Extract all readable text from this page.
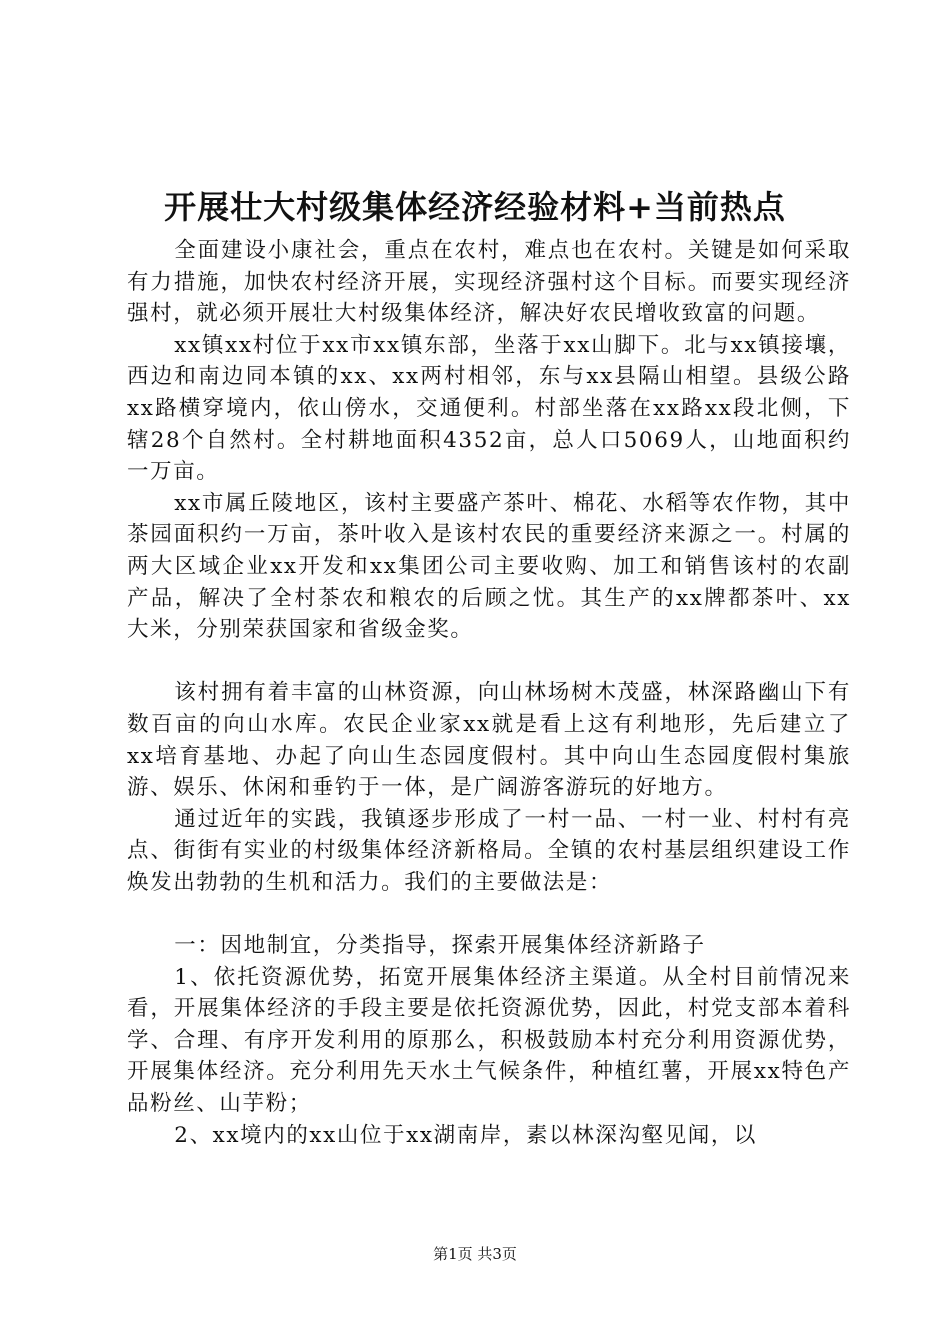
开展壮大村级集体经济经验材料+当前热点

全面建设小康社会，重点在农村，难点也在农村。关键是如何采取有力措施，加快农村经济开展，实现经济强村这个目标。而要实现经济强村，就必须开展壮大村级集体经济，解决好农民增收致富的问题。

xx镇xx村位于xx市xx镇东部，坐落于xx山脚下。北与xx镇接壤，西边和南边同本镇的xx、xx两村相邻，东与xx县隔山相望。县级公路xx路横穿境内，依山傍水，交通便利。村部坐落在xx路xx段北侧，下辖28个自然村。全村耕地面积4352亩，总人口5069人，山地面积约一万亩。

xx市属丘陵地区，该村主要盛产茶叶、棉花、水稻等农作物，其中茶园面积约一万亩，茶叶收入是该村农民的重要经济来源之一。村属的两大区域企业xx开发和xx集团公司主要收购、加工和销售该村的农副产品，解决了全村茶农和粮农的后顾之忧。其生产的xx牌都茶叶、xx大米，分别荣获国家和省级金奖。

该村拥有着丰富的山林资源，向山林场树木茂盛，林深路幽山下有数百亩的向山水库。农民企业家xx就是看上这有利地形，先后建立了xx培育基地、办起了向山生态园度假村。其中向山生态园度假村集旅游、娱乐、休闲和垂钓于一体，是广阔游客游玩的好地方。

通过近年的实践，我镇逐步形成了一村一品、一村一业、村村有亮点、街街有实业的村级集体经济新格局。全镇的农村基层组织建设工作焕发出勃勃的生机和活力。我们的主要做法是：

一：因地制宜，分类指导，探索开展集体经济新路子

1、依托资源优势，拓宽开展集体经济主渠道。从全村目前情况来看，开展集体经济的手段主要是依托资源优势，因此，村党支部本着科学、合理、有序开发利用的原那么，积极鼓励本村充分利用资源优势，开展集体经济。充分利用先天水土气候条件，种植红薯，开展xx特色产品粉丝、山芋粉；

2、xx境内的xx山位于xx湖南岸，素以林深沟壑见闻，以

第1页 共3页
